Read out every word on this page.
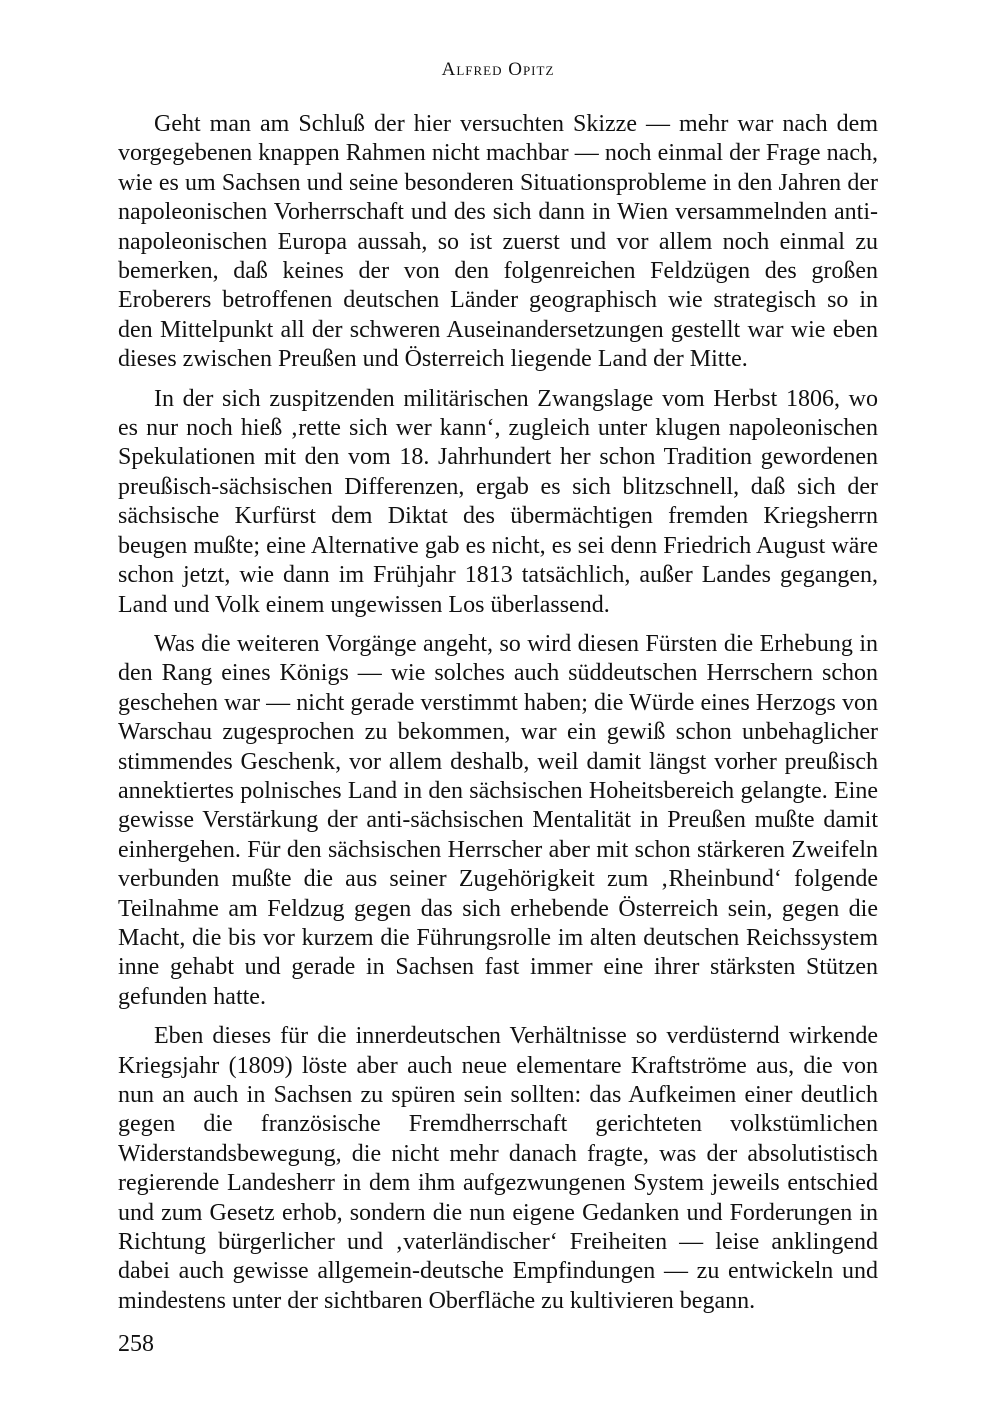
Alfred Opitz

Geht man am Schluß der hier versuchten Skizze — mehr war nach dem vorgegebenen knappen Rahmen nicht machbar — noch einmal der Frage nach, wie es um Sachsen und seine besonderen Situationsprobleme in den Jahren der napoleonischen Vorherrschaft und des sich dann in Wien versammelnden anti-napoleonischen Europa aussah, so ist zuerst und vor allem noch einmal zu bemerken, daß keines der von den folgenreichen Feldzügen des großen Eroberers betroffenen deutschen Länder geographisch wie strategisch so in den Mittelpunkt all der schweren Auseinandersetzungen gestellt war wie eben dieses zwischen Preußen und Österreich liegende Land der Mitte.

In der sich zuspitzenden militärischen Zwangslage vom Herbst 1806, wo es nur noch hieß ‚rette sich wer kann‘, zugleich unter klugen napoleonischen Spekulationen mit den vom 18. Jahrhundert her schon Tradition gewordenen preußisch-sächsischen Differenzen, ergab es sich blitzschnell, daß sich der sächsische Kurfürst dem Diktat des übermächtigen fremden Kriegsherrn beugen mußte; eine Alternative gab es nicht, es sei denn Friedrich August wäre schon jetzt, wie dann im Frühjahr 1813 tatsächlich, außer Landes gegangen, Land und Volk einem ungewissen Los überlassend.

Was die weiteren Vorgänge angeht, so wird diesen Fürsten die Erhebung in den Rang eines Königs — wie solches auch süddeutschen Herrschern schon geschehen war — nicht gerade verstimmt haben; die Würde eines Herzogs von Warschau zugesprochen zu bekommen, war ein gewiß schon unbehaglicher stimmendes Geschenk, vor allem deshalb, weil damit längst vorher preußisch annektiertes polnisches Land in den sächsischen Hoheitsbereich gelangte. Eine gewisse Verstärkung der anti-sächsischen Mentalität in Preußen mußte damit einhergehen. Für den sächsischen Herrscher aber mit schon stärkeren Zweifeln verbunden mußte die aus seiner Zugehörigkeit zum ‚Rheinbund‘ folgende Teilnahme am Feldzug gegen das sich erhebende Österreich sein, gegen die Macht, die bis vor kurzem die Führungsrolle im alten deutschen Reichssystem inne gehabt und gerade in Sachsen fast immer eine ihrer stärksten Stützen gefunden hatte.

Eben dieses für die innerdeutschen Verhältnisse so verdüsternd wirkende Kriegsjahr (1809) löste aber auch neue elementare Kraftströme aus, die von nun an auch in Sachsen zu spüren sein sollten: das Aufkeimen einer deutlich gegen die französische Fremdherrschaft gerichteten volkstümlichen Widerstandsbewegung, die nicht mehr danach fragte, was der absolutistisch regierende Landesherr in dem ihm aufgezwungenen System jeweils entschied und zum Gesetz erhob, sondern die nun eigene Gedanken und Forderungen in Richtung bürgerlicher und ‚vaterländischer‘ Freiheiten — leise anklingend dabei auch gewisse allgemein-deutsche Empfindungen — zu entwickeln und mindestens unter der sichtbaren Oberfläche zu kultivieren begann.

258
